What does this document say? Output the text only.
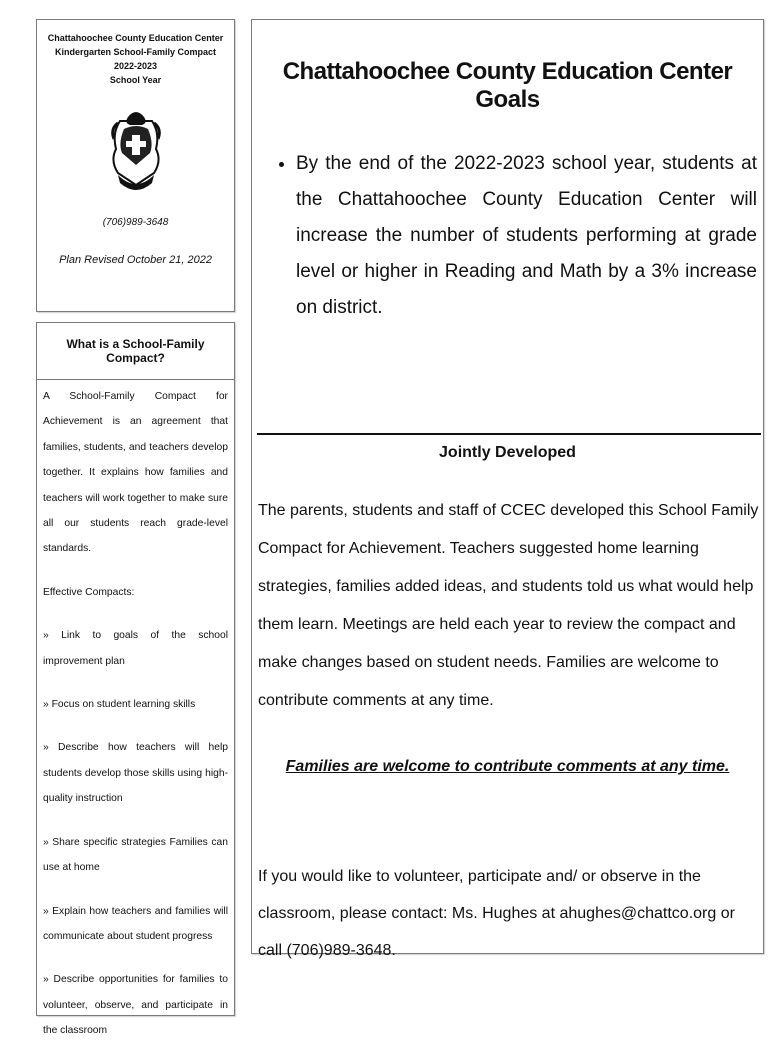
Chattahoochee County Education Center
Kindergarten School-Family Compact 2022-2023
School Year
(706)989-3648
Plan Revised October 21, 2022
What is a School-Family Compact?

A School-Family Compact for Achievement is an agreement that families, students, and teachers develop together. It explains how families and teachers will work together to make sure all our students reach grade-level standards.

Effective Compacts:

» Link to goals of the school improvement plan

» Focus on student learning skills

» Describe how teachers will help students develop those skills using high-quality instruction

» Share specific strategies Families can use at home

» Explain how teachers and families will communicate about student progress

» Describe opportunities for families to volunteer, observe, and participate in the classroom

Chattahoochee County Education Center Goals
• By the end of the 2022-2023 school year, students at the Chattahoochee County Education Center will increase the number of students performing at grade level or higher in Reading and Math by a 3% increase on district.
Jointly Developed
The parents, students and staff of CCEC developed this School Family Compact for Achievement. Teachers suggested home learning strategies, families added ideas, and students told us what would help them learn. Meetings are held each year to review the compact and make changes based on student needs. Families are welcome to contribute comments at any time.
Families are welcome to contribute comments at any time.
If you would like to volunteer, participate and/ or observe in the classroom, please contact: Ms. Hughes at ahughes@chattco.org or call (706)989-3648.
